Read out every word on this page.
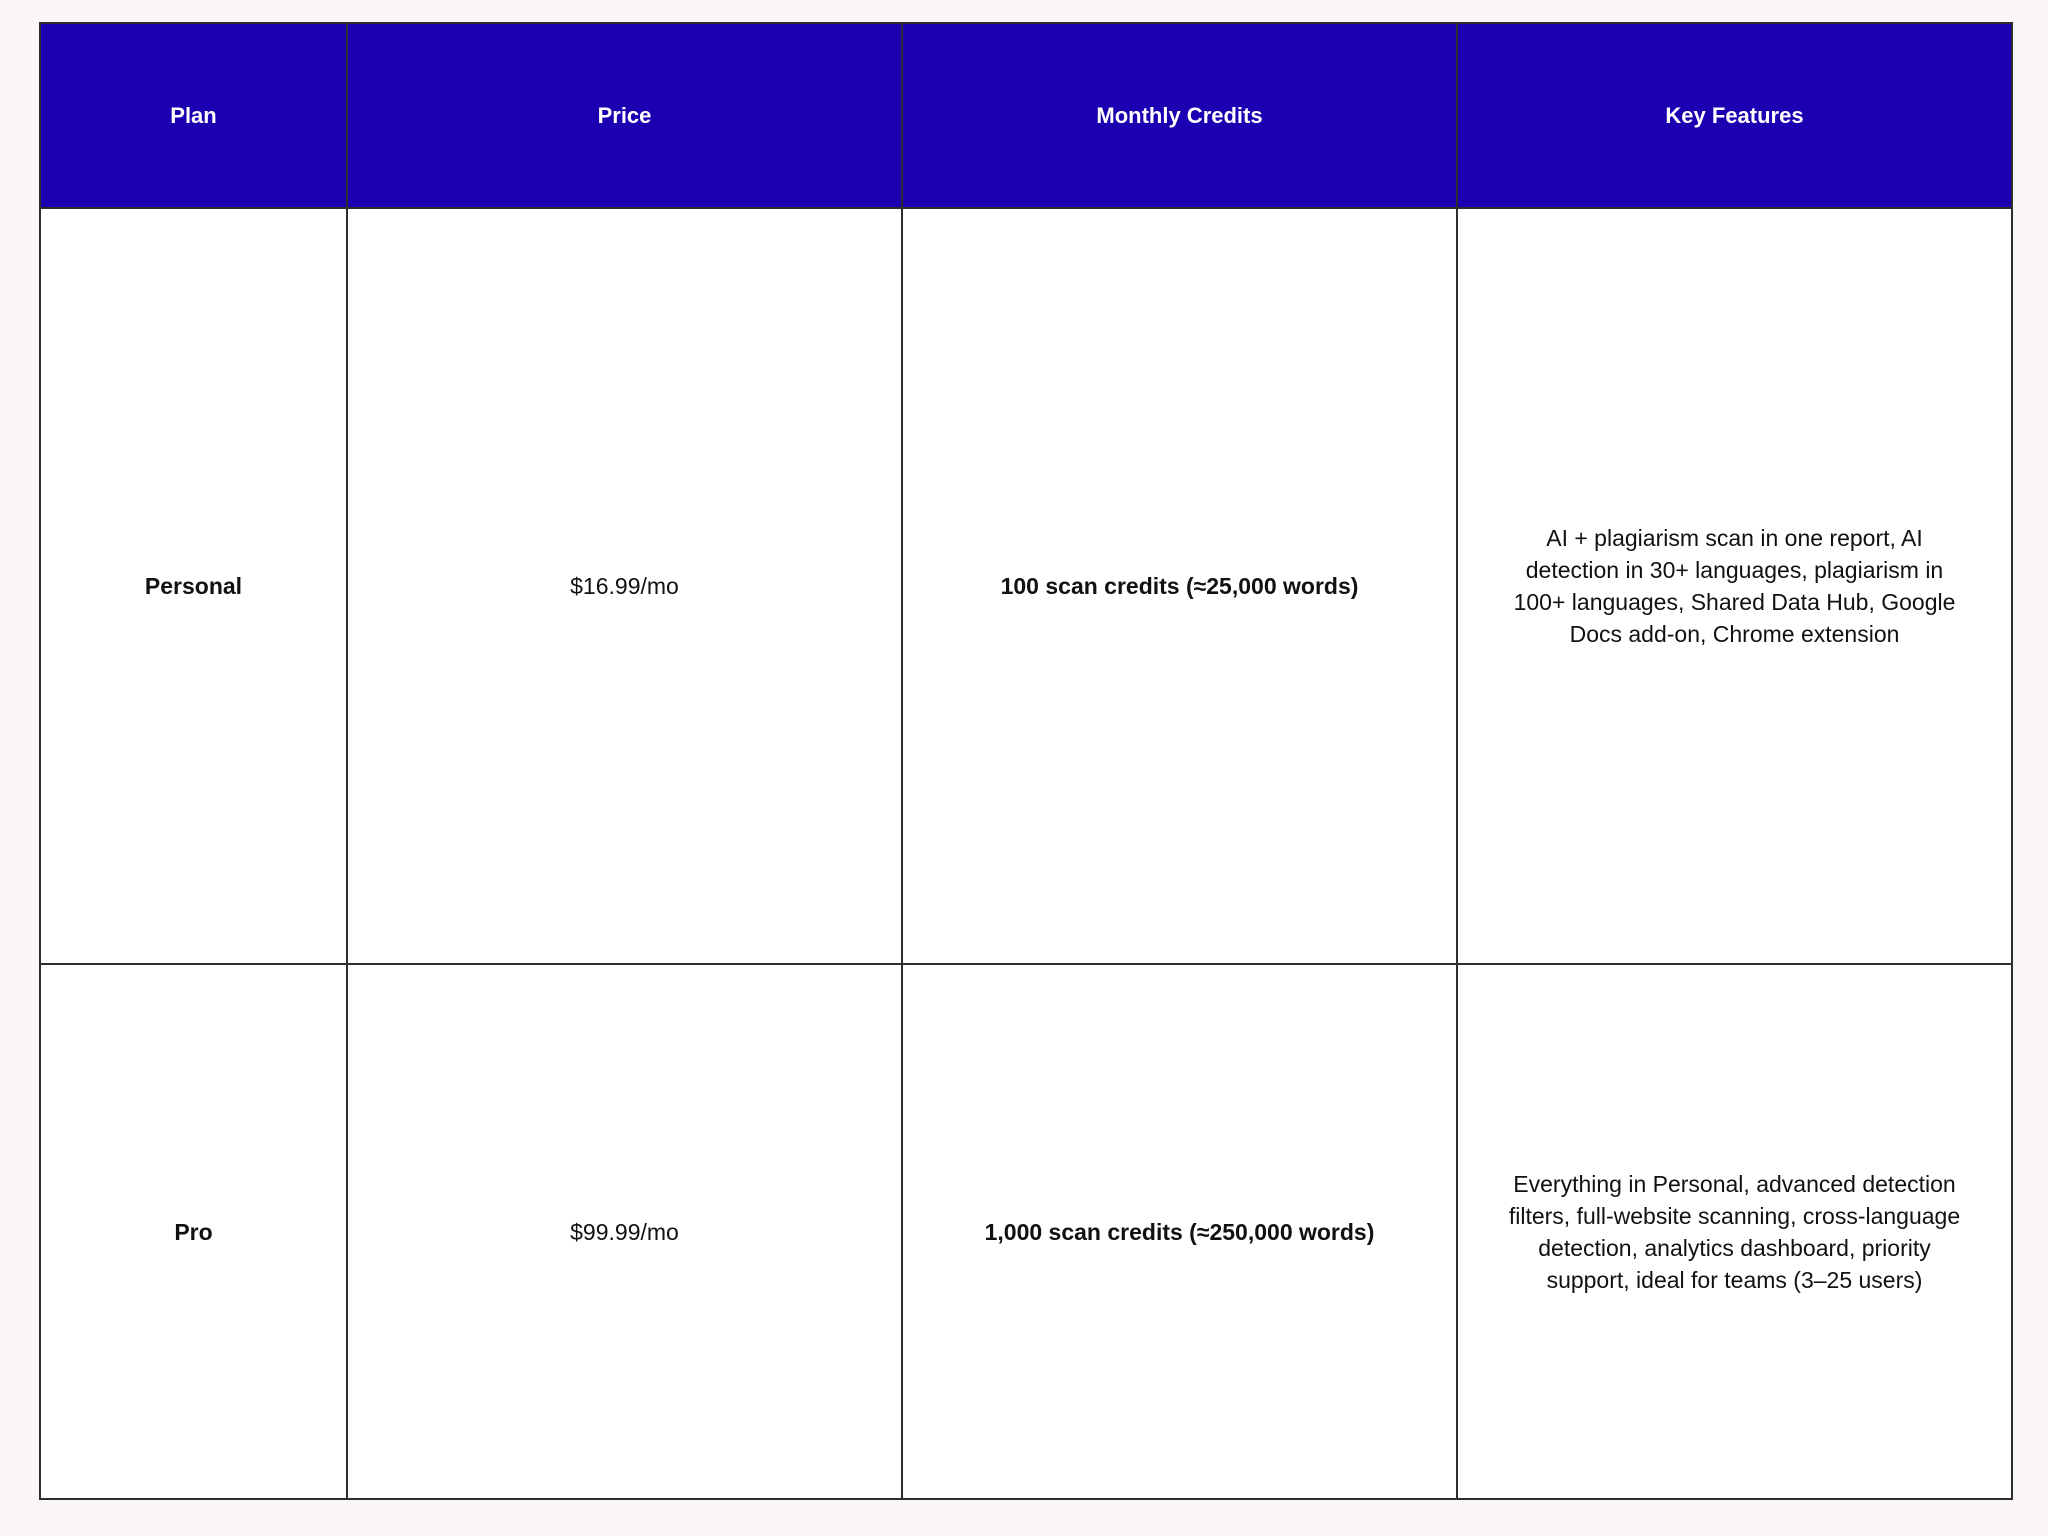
Plan	Price	Monthly Credits	Key Features
Personal	$16.99/mo	100 scan credits (≈25,000 words)	AI + plagiarism scan in one report, AI detection in 30+ languages, plagiarism in 100+ languages, Shared Data Hub, Google Docs add-on, Chrome extension
Pro	$99.99/mo	1,000 scan credits (≈250,000 words)	Everything in Personal, advanced detection filters, full-website scanning, cross-language detection, analytics dashboard, priority support, ideal for teams (3–25 users)
